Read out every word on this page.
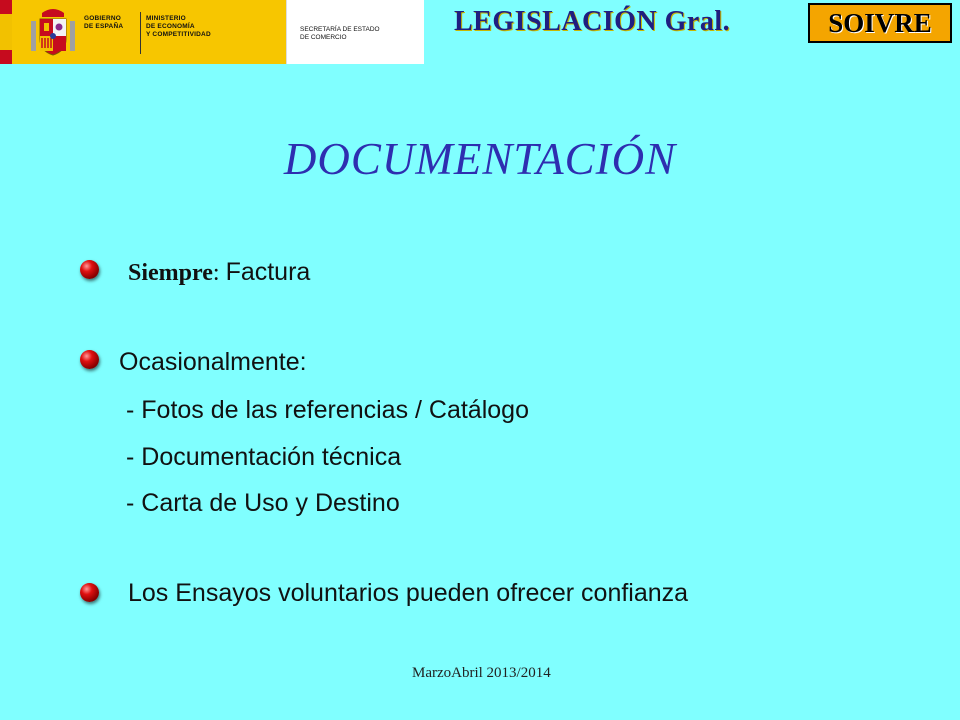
★
★
★
GOBIERNO
DE ESPAÑA
MINISTERIO
DE ECONOMÍA
Y COMPETITIVIDAD
SECRETARÍA DE ESTADO
DE COMERCIO
LEGISLACIÓN Gral.	SOIVRE
DOCUMENTACIÓN
Siempre: Factura
Ocasionalmente:
- Fotos de las referencias / Catálogo
- Documentación técnica
- Carta de Uso y Destino
Los Ensayos voluntarios pueden ofrecer confianza
MarzoAbril 2013/2014
